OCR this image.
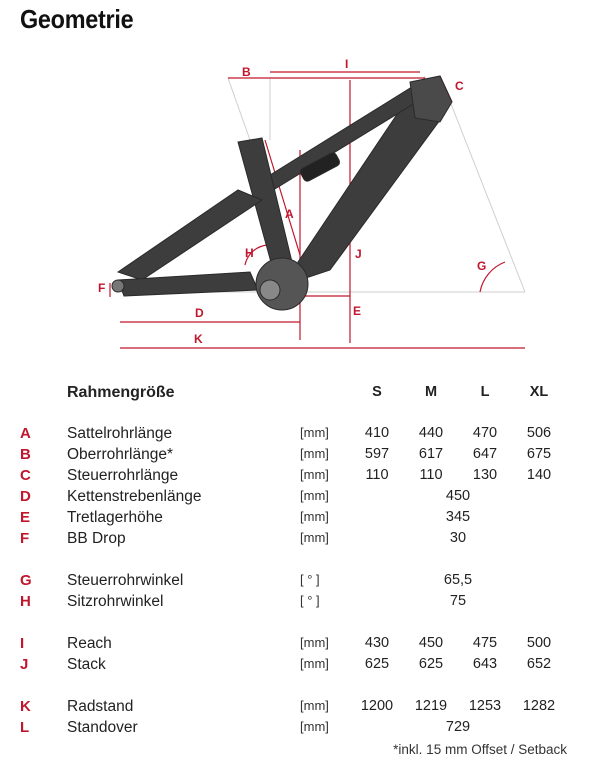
Geometrie
B
I
C
A
H	J
G
F
D	E
K
Rahmengröße	S	M	L	XL
A Sattelrohrlänge	[mm]	410	440	470	506
B Oberrohrlänge*	[mm]	597	617	647	675
C Steuerrohrlänge	[mm]	110	110	130	140
D Kettenstrebenlänge	[mm]	450
E Tretlagerhöhe	[mm]	345
F BB Drop	[mm]	30
G Steuerrohrwinkel	[ ° ]	65,5
H Sitzrohrwinkel	[ ° ]	75
I	Reach	[mm]	430	450	475	500
J Stack	[mm]	625	625	643	652
K Radstand	[mm]	1200	1219	1253	1282
L Standover	[mm]	729
*inkl. 15 mm Offset / Setback
